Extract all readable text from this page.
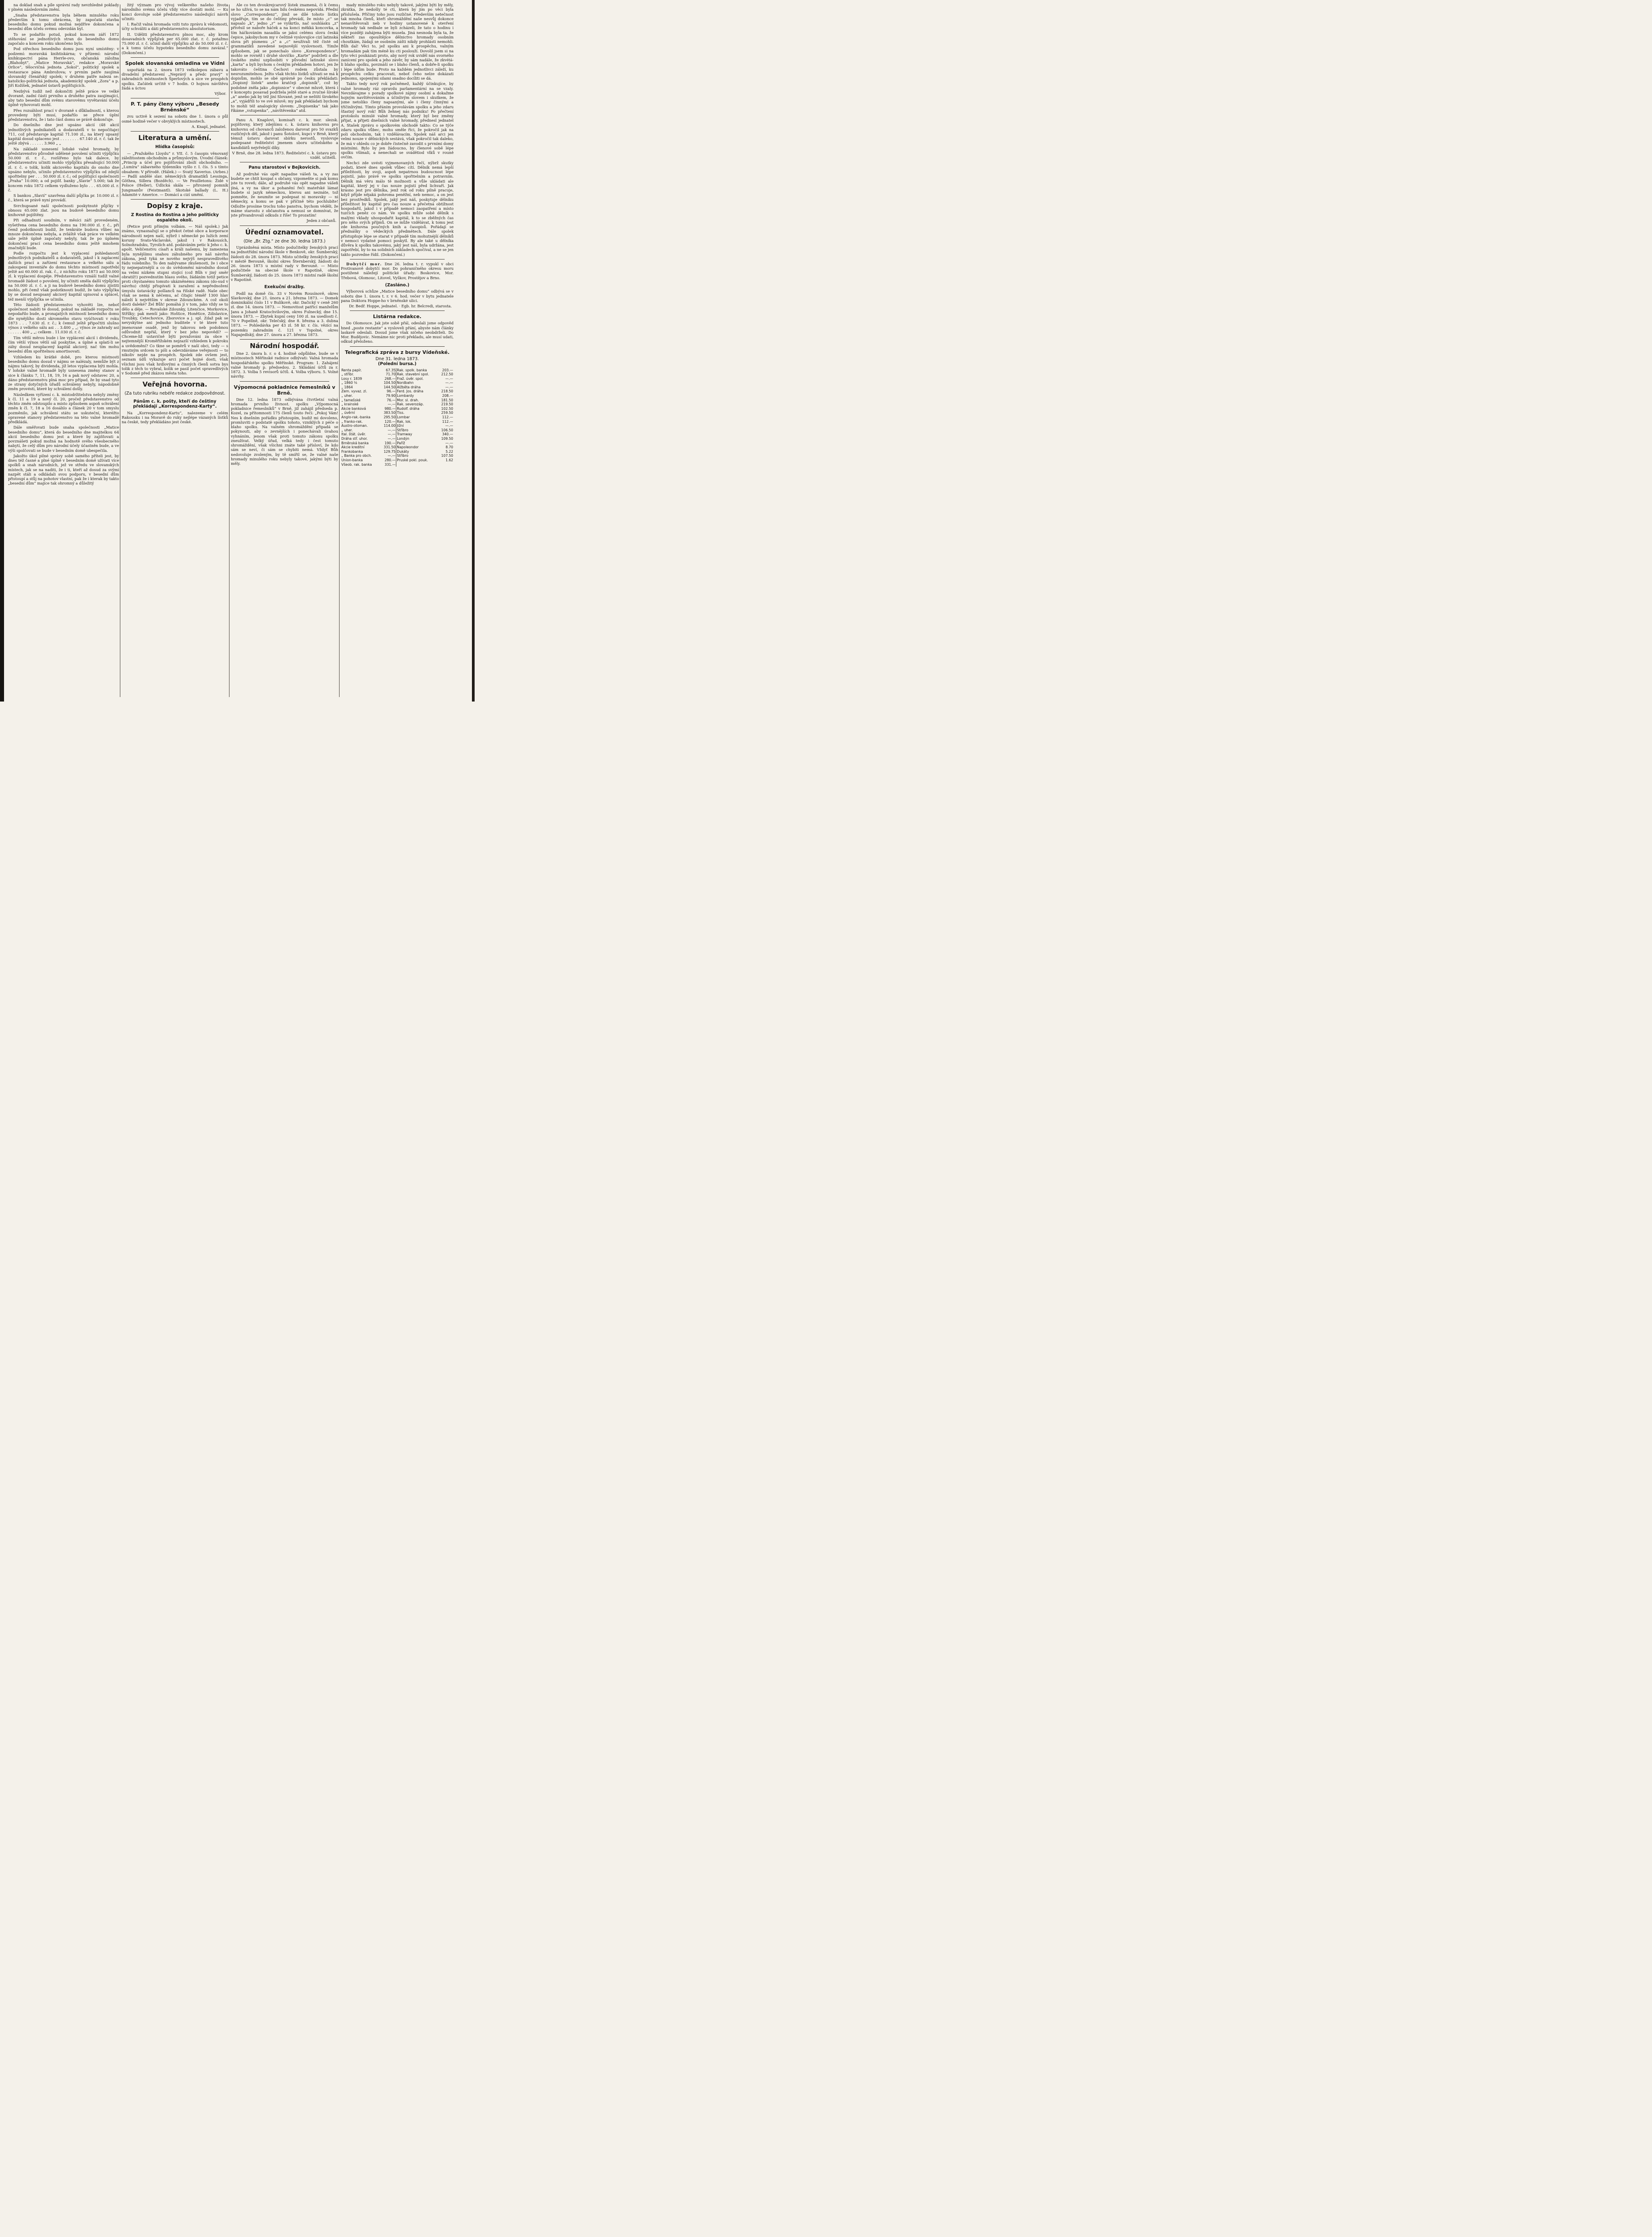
na doklad snah a píle správní rady nevzhledné poklady v plném následovním znění.

„Snaha představenstva byla během minulého roku především k tomu obrácena, by započatá stavba besedního domu pokud možná nejdříve dokončena a besední dům účelu svému odevzdán byl.

To se podařilo potud, pokud koncem září 1872 stěhování se jednotlivých stran do besedního domu započalo a koncem roku ukončeno bylo.

Pod střechou besedního domu jsou nyní umístěny: v podzemí: moravská knihtiskárna; v přízemí: národní knihkupectví pána Herrle-ovo, občanská záložna „Blahobyt“, „Matice Moravská“, redakce „Moravské Orlice“, tělocvičná jednota „Sokol“, politický spolek a restaurace pána Ambrožova; v prvním patře zaujímá slovanský čtenářský spolek; v druhém patře nalezá se: katolicko-politická jednota, akademický spolek „Zora“ a p. Jiří Kožíšek, jednatel ústavů pojišťujících.

Nezbývá tudíž než dokončiti ještě práce ve velké dvoraně, zadní části prvního a druhého patra zaujímající, aby tato besední dům svému stavovému vyvětavání účelu úplně vyhovovati mohl.

Přes rozsáhlost prací v dvoraně s důkladností, s kterou provedeny býti musí, podařilo se přece úplní představenstvu, že i tato část domu se právě dokončuje.

Do dnešního dne jest upsáno akcií (48 akcií jednotlivých podnikatelů a dodavatelů v to nepočítaje) 711, což představuje kapitál 71.100 zl., na který upsaný kapitál dosud splaceno jest . . . . . . . . 67.140 zl. r. č. tak že ještě zbývá . . . . . . 3.960 „ „

Na základě usnesení loňské valné hromady, by představenstvo původně udělené povolení učiniti výpůjčku 50.000 zl. r. č., rozšířeno bylo tak dalece, by představenstvu učiniti mohlo výpůjčku přesahující 50.000 zl. r. č. o tolik, kolik akciového kapitálu do onoho dne upsáno nebylo, učinilo představenstvo výpůjčku od zdejší spořitelny per . . . 50.000 zl. r. č.; od pojišťující společnosti „Praha“ 10.000; a od pojišť. banky „Slavie“ 5.000; tak že koncem roku 1872 celkem vydluženo bylo . . . 65.000 zl. r. č.

S bankou „Slavií“ uzavřena další půjčka pr. 10.000 zl. r. č., která se právě nyní provádí.

Svrchupsané naší společnosti poskytnuté půjčky v obnosu 65.000 zlat. jsou na budově besedního domu knihovně pojištěny.

Při odhadnutí soudním, v měsíci září provedeném, vyšetřena cena besedního domu na 190.000 zl. r. č., při čemž podotknouti budiž, že tenkráte budova vůbec na mnoze dokončena nebyla, a zvláště však práce ve velkém sále ještě úplně započaty nebyly, tak že po úplném dokončení prací cena besedního domu ještě mnohem značnější bude.

Podle rozpočtu jest k vyplacení pohledaností jednotlivých podnikatelů a dodavatelů, jakož i k zaplacení dalších prací a zařízení restaurace a velkého sálu a zakoupení inventáře do domu těchto místností zapotřebí ještě asi 60.000 zl. rak. č., z nichžto roku 1873 asi 50.000 zl. k vyplacení dospěje. Představenstvo vznáší tudíž valné hromadě žádost o povolení, by učiniti směla další výpůjčku na 50.000 zl. r. č. a ji na budově besedního domu zjistiti mohlo, při čemž však podotknouti budiž, že tato výpůjčka by se dosud neupsaný akciový kapitál upisoval a splácel, též menší výpůjčka se učinila.

Této žádosti představenstvo vyhověti lze, neboť společnost nabíti té dosud, pokud na základě rozpočtu se nepodařilo bude, a pronajatých místností besedního domu dle nynějšího dosti skromného stavu vyúčtovati v roku 1873 . . . 7.630 zl. r. č.; k čemuž ještě připočtiti slušno výnos z velkého sálu asi . . 3.400 „ „; výnos ze zahrady asi . . . . . . 400 „ „; celkem . 11.030 zl. r. č.

Tím větší měrou bude i lze vyplácení akcií i dividendu, čím větší výnos větší sál poskytne, a úplné a splatí-li se záhy dosud neuplacený kapitál akciový, nač tím mohu besední dům spořitelnou amortisovati.

Vzhledem ku krátké době, pro kterou místnosti besedního domu dosud v nájmu se nalézaly, nemůže být z nájmu takový, by dividenda, jíž letos vyplacena býti mohla. V loňské valné hromadě byly usnesena změny stanov a sice k článku 7, 11, 18, 19, 16 a pak nový odstavec 20, a dáno představenstvu plná moc pro případ, že by snad tyto ze strany dotyčných úřadů schváleny nebyly, nápodobně změn provésti, které by schválení došly.

Následkem vyřízení c. k. místodržitelstva nebyly změny k čl. 11 a 19 a nový čl. 20, pročež představenstvo od těchto změn odstoupilo a místo způsobem aspoň schválení změn k čl. 7, 18 a 16 dosáhlo a článek 20 v tom smyslu pozměnilo, jak schválení státu se uskuteční, kteréžto opravené stanovy představenstvo na této valné hromadě předkládá.

Dále směřovati bude snaha společnosti „Matice besedního domu“, která do besedního dne majitelkou 64 akcií besedního domu jest a které by zajišťovati a povznášeti pokud možná na hodnotě svého všeobecného nabytí, že celý dům pro národní účely účastněn bude, a ve výši spolčovati se bude v besedním domě ubespečila.

Jakožto úkol pilné správy sobě samého příteli jest, by dnes též časné a plné úplně v besedním domě užívati více spolků a snah národních, jež ve středu ve slovanských místech, jak se na naditi, že i ti, kteří až dosud za svými nazpět stáli a odkládali svou podporu, v besední dům přistoupí a stůj na pohotov vlastní, pak že i kterak by takto „besední dům“ majíce tak ohromný a důležitý

žitý význam pro vývoj veškerého našeho života národního svému účelu vždy více dostáti mohl. — Ku konci dovoluje sobě představenstvo následující návrh učiniti:

I. Račiž valná hromada vzíti tuto zprávu k vědomosti, účty schváliti a dáti představenstvu absolutorium.

II. Uděliti představenstvu plnou moc, aby krom dosavadních výpůjček per 65.000 zlat. r. č. potažmo 75.000 zl. r. č. učinil další výpůjčku až do 50.000 zl. r. č. a k tomu účelu hypoteku besedního domu zavázal.“ (Dokončení.)

Spolek slovanská omladina ve Vídni

uspořádá na 2. února 1873 velkolepou zábavu a divadelní představení „Neprávý a předc pravý“ v zahradních místnostech Šperlových a sice ve prospěch spolku. Začátek určitě v 7 hodin. O hojnou návštěvu žádá a úctou

Výbor.
P. T. pány členy výboru „Besedy Brněnské“

zvu uctivě k sezení na sobotu dne 1. února o půl osmé hodině večer v obvyklých místnostech.

A. Knapl, jednatel.
Literatura a umění.
Hlídka časopisů:

— „Pražského Lloydu“ r. VII. č. 5 časopis věnovaný záležitostem obchodním a průmyslovým. Úvodní článek: „Princip a účel pro pojišťování zboží obchodního. — „Lumíra“ zábavného týdenníku vyšlo r. I. čís. 5 s tímto obsahem: V přírodě. (Hálek.) — Svatý Xaverius. (Arbes.) — Padlí andělé slav. německých dramatiků Lessinga, Göthea, Sillera (Bozděch). — Ve Feuilletonu: Židé v Polsce (Heller), Údlická skála — přirozený pomník Jungmanův (Feistmantl). Skotské ballady (L. H.) Adamité v Americe. — Domácí a cizí umění.

Dopisy z kraje.
Z Rostína do Rostína a jeho politicky ospalého okolí.

(Petice proti přímým volbám. — Náš spolek.) Jak známo, vynasnažují se o překot četné obce a korporace národnosti nejen naší, nýbrž i německé po lužích zemí koruny Svato-Václavské, jakož i v Rakousích, Solnohradsku, Tyrolích atd. podáváním petic k Jeho c. k. apošt. Veličenstvu císaři a králi našemu, by zamezena byla nynějšímu snahou záhubného pro náš návrhu zákona, jenž tyká se nového nejvýš nespravedlivého řádu volebního. To den nabývame zkušenosti, že i obce ty nejnepatrnější a co do uvědomění národního dosud na velmi nízkém stupni stojící (což Bůh v jiný směr obratiž!) pozvednutím hlasu svého, žádáním totiž petice proti chystanému tomuto ukázněnému zákonu (do-sud v návrhu) chtějí přispívati k zaražení a nepřednožení úmyslu ústavácky pošlanců na říšské radě. Naše obec však se nemá k něčemu, ač čítajíc téměř 1300 hlav náleží k největším v okrese Zdounckém. A což okolí dosti daleké? Žel Bůh! pomáhá jí v tom, jako vždy se to dělo a děje. — Rovašské Zdounky, Litenčice, Morkovice, Střílky; pak menší jako: Hoštice, Honětice, Zdislavice, Troubky, Cetechovice, Zborovice a j. spl. Zdaž pak se nevyskytne ani jednoho buditele v té které tuto jmenované osadě, jenž by takovou neb podobnou odůvodnit nepřál, který v bez jeho nepovědí? — Chceme-liž ustavičně býti považováni za obce v nejtemnější Kroměřížském nejzazší vzhledem k pokroku a uvědomění? Co tkne se poměrů v naší obci, tedy — s rmutným srdcem to píši a odevzdáváme veřejnosti — to nikoliv nejde na prospěch. Spolek zde ovšem jest, seznam údů vykazuje arci počet hojné dosti, však všichni jsou však hrdlovými a činných členů sotva bys tolik z těch to vybral, kolik se pasil počet spravedlivých v Sodomě před zkázou města toho.

Veřejná hovorna.
(Za tuto rubriku nebéře redakce zodpovědnost.
Pánům c. k. pošty, kteří do češtiny překládají „Korrespondenz-Karty“.

Na „Korrespondenz-Kartu“, nalezeme v celém Rakousku i na Moravě do ruky nejlépe vázaných lístků na české, tedy překládáno jest české.

Ale co ten dvoukrejcarový lístek znamená, či k čemu se ho užívá, to se na nám lidu českému nepovídá. Přední slovo „Correspondenz“, jímž se dílé tohoto lístku vyjadřuje, tím se do češtiny převádí, že místo „c“ se napsalo „k“, jedno „r“ se vyškrtlo, nač souhlásku „z“ přivěsil se naboře háček a na konci měkká koncovka, a tím háčkováním nasadila se jaksi celému slovu česká čepice, jakobychom my v češtině vyslovujíce cizí latinská slova při písmenu „s“ a „c“ neužívali též čisté od grammatiků zavedené nejnovější vyslovnosti. Tímže způsobem, jak se ponechalo slovo „Korespondence“, mohlo se rovněž i druhé slovíčko „Karte“ podržeti a dle českého znění uzpůsobiti v původní latinské slovo „karta“ a byli bychom s českým překladem hotovi, jen že takováto čeština Čechovi rodem zůstala by nesrozumitelnou. Ježto však těchto lístků užívati se má k dopisům, mohlo se obé správně po česku překládati: „Dopisný lístek“ anebo kratčeji „dopisník“, což by podobné zněla jako „dopisnice“ v obecné mluvě, která i v konceptu posavad podržela ještě staré a zvučné šíroké „a“ anebo jak by též jiní Slované, jenž se neštítí širokého „a“, vyjádřili to ve své mluvě; my pak překládati bychom to mohli též analogicky slovem: „Dopisenka“ tak jako říkáme „vstupenka“, „návštěvenka“ atd.

Panu A. Knaplovi, komisaři c. k. mor. slezsk. pojišťovny, který zdejšímu c. k. ústavu knihovnu pro knihovnu od chovanců založenou darovat pro 50 svazků rozličných děl, jakož i panu Šotolovi, kupci v Brně, který témuž ústavu darovat sbírku nerostů, vyslovuje podepsané ředitelství jmenem sboru učitelského a kandidátů nejvřelejší díky.

V Brně, dne 28. ledna 1873. Ředitelství c. k. ústavu pro vzděl. učitelů.
Panu starostovi v Bejkovicích.

Až podruhé vás opět napadne vášeň ta, a vy zas budete se chtít koupat s občany, vzpomeňte si pak komu jste tu roveň; dále, až podruhé vás opět napadne vášeň jíná, a vy na úkor a pohanění řeči mateřské lámat budete si jazyk německou, kterou ani neznáte, tož pomněte, že neumíte se podepsat ni moravsky — ni německy, a komu se pak v příčině této pochlubíte! Odložte prosíme trochu toho panstva, bychom věděli, že máme starostu z občanstva a nemusí se domnívat, že jste přivandrovalí odkuds z říše! To prozatím!

Jeden z občanů.
Úřední oznamovatel.
(Dle „Br. Ztg.“ ze dne 30. ledna 1873.)

Uprázdněná místa. Místo podučitelky ženských prací na jednotřídní národní škole v Benkově, okr. Šumberský, žádosti do 28. února 1873. Místo učitelky ženských prací v městě Berouně, školní okres Šternberský, žádosti do 26. února 1873 u místní rady v Berouně. — Místo podučitele na obecné škole v Rapotíně, okres Šumberský, žádosti do 25. února 1873 místní radě školní v Rapotíně.

Exekuční dražby.

Podíl na domě čís. 33 v Novém Rousínově, okres Slavkovský, dne 21. února a 21. března 1873. — Domek dominikální číslo 11 v Bulíkově, okr. Dačický v ceně 260 zl. dne 14. února 1873. — Nemovitost patřící manželům Janu a Johaně Kratochvilovým, okres Fulnecký, dne 15. února 1873. — Zbytek kupní ceny 100 zl. na usedlosti č. 70 v Popelíně, okr. Telečský, dne 8. března a 3. dubna 1873. — Pohledávka per 43 zl. 58 kr. r. čís. vězící na pozemku zahradním č. 121 v Topolné, okres Napajedlský, dne 27. února a 27. března 1873.

Národní hospodář.

Dne 2. února b. r. o 4. hodině odpůldne, bude se v místnostech Měřínské radnice odbývati: Valná hromada hospodářského spolku Měřínské. Program: 1. Zahájení valné hromady p. předsedou. 2. Skládání účtů za r. 1872. 3. Volba 5 revisorů účtů. 4. Volba výboru. 5. Volné návrhy.

Výpomocná pokladnice řemeslníků v Brně.

Dne 12. ledna 1873 odbývána čtvrtletní valná hromada prvního živnost. spolku „Výpomocná pokladnice řemeslníků“ v Brně, již zahájil předseda p. Kozel, za přítomnosti 175 členů touto řečí: „Pokoj Vám! Nes k dnešním pořádku přistoupím, budiž mi dovoleno, promluviti o podstatě spolku tohoto, vzniklých z péče o blaho spolku. Na valném shromáždění připadá se pokynouti, aby o zevnějších i ponechávali úvahou vyhnáním, jenom však proti tomuto zákonu spolku zneužívat. Velký úřad, velká tedy i čest tomuto shromáždění, však všichni znáte také přísloví, že kdo sám se neví, či sám se chybiti nemá. Vždyť Bůh nedovoluje zvoleným, by tě smířil se, že valné naše hromady minulého roku nebyly takové, jakými býti by měly.

mady minulého roku nebyly takové, jakými býti by měly, zkrátka, že nedošly té cti, která by jim po věci byla příslušela. Příčiny toho jsou rozličné. Především netečnost tak mnoha členů, kteří shromáždění naše nesvůj dokonce nenavštěvovali neb v hodiny ustanovené k otevření hromady tak nedbale se byli zcházeli, že tato o hodinu i více později zahájena býti musela. Jiná nesnoda byla ta, že někteří zas opouštějíce dělnictvo hromady osobním choutkám, žádají se osobním zášti nikdy prohlásti nemohli. Bůh dal! Věci to, jež spolku ani k prospěchu, valným hromadám pak tím méně ku cti poslouží. Dovolil jsem si na tyto věci poukázati proto, aby nový rok uviděl nás svorného zanícení pro spolek a jeho závěr, by sám nadále, že zkvétá-li blaho spolku, povznáší se i blaho členů, a dobře-li spolku i lépe údům bude. Proto na každém jednotlivci záleží, ku prospěchu celku pracovati, neboť čeho nelze dokázati jednomu, spojenými silami snadno docíliti se dá.

Takto tedy nový rok počněmež, každý účinkujíce, by valné hromady ráz opravdu parlamentární na se vzaly. Nevzdávajme s porady spolkové zájmy osobní a dokažme hojným navštěvováním a účinlivým slovem i skutkem, že jsme netoliko členy napsanými, ale i členy činnými a tříčinlivými. Tímto přáním provolávám spolku a jeho zdaru šťastný nový rok! Bůh žehnej nás podniku! Po přečtení protokolu minulé valné hromady, který byl bez změny přijat, a přijeti dnešních valné hromady, přednesl jednatel A. Stašek zprávu o spolkovém obchodě takto: Co se týče zdaru spolku vůbec, mohu směle říci, že pokročil jak na poli obchodním, tak i vzdělávacím. Spolek náš arci jen velmi nouze v dělnických sestává, však pokročil tak daleko, že má v ohledu co je dobře čistečně zavodit s prvními domy místními. Bylo by jen žádoucno, by členové sobě lépe spolku všímali, a nenechali se svádětiod vlků v rouně ovčím.

Nechci zde uvésti vyjmenovaných řečí, nýbrž skutky podati, které dnes spolek vůbec cítí. Dělník nemá lepší příležitosti, by svoji, aspoň nepatrnou budoucnost lépe pojistil, jako právě ve spolku spořitelním a potravním. Dělník má věru málo tě možnosti a vůle ukládati ale kapitál, který jej v čas nouze pojistí před lichvaří. Jak krásno jest pro dělníka, jenž rok od roku pilně pracuje, když přijde nějaká pohroma peněžní, neb nemoc, a on jest bez prostředků. Spolek, jaký jest náš, poskytuje dělníku příležitost by kapitál pro čas nouze a přečetná obtížnost hospodařil, jakož i v případě nemoci zaopatření a místo tuzčích peněz co nám. Ve spolku může sobě dělník s malými vklady uhospodařit kapitál, k to se zběžných čas pro něho svých příjmů. On se může vzdělávat, k tomu jest zde knihovna poučných knih a časopisů. Pořádají se přednášky o vědeckých předmětech. Dále spolek přístupňuje lépe se starat v případě tím mohutnéjší dělníků v nemoci vydatné pomoci poskytl. By ale také u dělníka důvěra k spolku takovému, jaký jest náš, byla udržána, jest zapotřebí, by to na solidních základech spočíval, a ne se jen takto pozvedne řídil. (Dokončení.)

Dobytčí mor. Dne 26. ledna t. r. vypukl v obci Protivanově dobytčí mor. Do pohraničného okresu moru postižené náležejí politické úřady: Boskovice, Mor. Třebová, Olomouc, Litovel, Vyškov, Prostějov a Brno.

(Zasláno.)

Výborová schůze „Matice besedního domu“ odbývá se v sobotu dne 1. února t. r. v 6. hod. večer v bytu jednatele pana Doktora Hoppe-ho v brněnské ulici.

Dr. Bedř. Hoppe, jednatel. · Egb. hr. Belcredi, starosta.
Listárna redakce.

Do Olomouce. Jak jste sobě přál, odeslali jsme odpověď hned „poste restante“ a vysloveli přání, abyste nám články laskavě odeslali. Dosud jsme však ničeho neobdrželi. Do Mor. Budějovic. Nemáme nic proti překladu, ale musí udati, odkud přeloženo.

Telegrafická zpráva z bursy Vídeňské.
Dne 31. ledna 1873.
(Polední bursa.)
Renta papír.	67.35	Rak. spolk. banka	203.—
„ stříbr.	71.70	Rak. stavební spol.	212.50
Losy r. 1839	268.—	Fraž. úvěr. spol.	—.—
„ 1860 ⅙	104.50	Nordbahn	—.—
„ 1864	144.50	Alžběta dráha	—.—
Zem. vyvaz. zl.	96.—	Ferd. Jos. dráha	218.50
„ uher.	79.90	Lombardy	208.—
„ tamešské	76.—	Mor. sl. drah.	181.50
„ krainské	—.—	Rak. severozáp.	219.50
Akcie banková	980.—	Rudolf. dráha	102.50
„ úvěrní	383.50	Tiss.	259.50
Anglo-rak.-banka	295.50	Lombar	112.—
„ franko-rak.	120.—	Rak. lok.	112.—
Austro-otoman.	114.00	Jižní	—.—
„ uher.	—.—	Stříbro	106.50
Ital. štát. úvěr.	—.—	Tramway	340.—
Dráha stř. uhor.	—.—	Londýn	109.50
Brněnská banka	190.—	Paříž	—.—
Akcie kreditní	331.50	Napoleondor	8.70
Frankobanka	129.75	Dukáty	5.22
„ Banka pro obch.	—.—	Stříbro	107.50
Union-banka	280.—	Pruské pokl. pouk.	1.62
Všeob. rak. banka	331.—		
